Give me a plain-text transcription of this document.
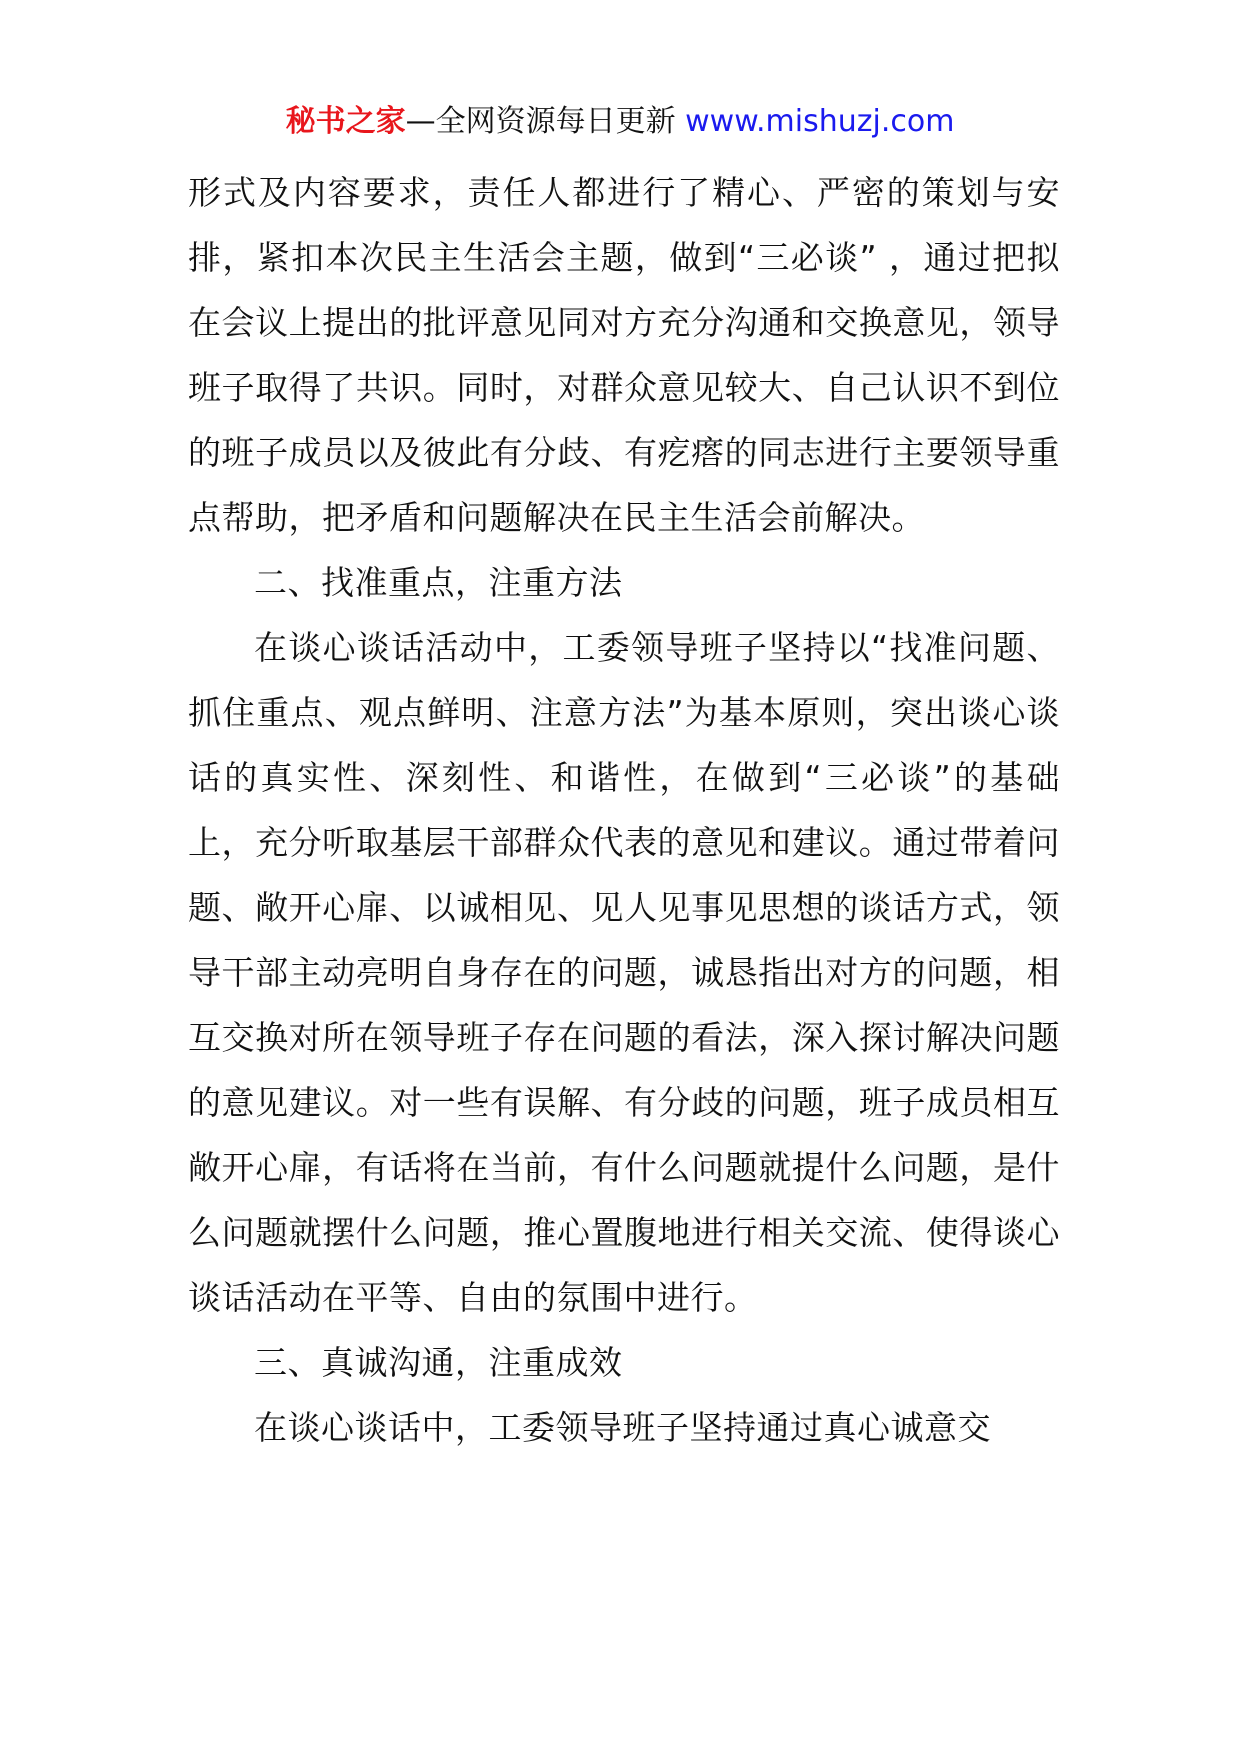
秘书之家—全网资源每日更新 www.mishuzj.com

形式及内容要求，责任人都进行了精心、严密的策划与安排，紧扣本次民主生活会主题，做到“三必谈” ，通过把拟在会议上提出的批评意见同对方充分沟通和交换意见，领导班子取得了共识。同时，对群众意见较大、自己认识不到位的班子成员以及彼此有分歧、有疙瘩的同志进行主要领导重点帮助，把矛盾和问题解决在民主生活会前解决。

二、找准重点，注重方法

在谈心谈话活动中，工委领导班子坚持以“找准问题、抓住重点、观点鲜明、注意方法”为基本原则，突出谈心谈话的真实性、深刻性、和谐性，在做到“三必谈”的基础上，充分听取基层干部群众代表的意见和建议。通过带着问题、敞开心扉、以诚相见、见人见事见思想的谈话方式，领导干部主动亮明自身存在的问题，诚恳指出对方的问题，相互交换对所在领导班子存在问题的看法，深入探讨解决问题的意见建议。对一些有误解、有分歧的问题，班子成员相互敞开心扉，有话将在当前，有什么问题就提什么问题，是什么问题就摆什么问题，推心置腹地进行相关交流、使得谈心谈话活动在平等、自由的氛围中进行。

三、真诚沟通，注重成效

在谈心谈话中，工委领导班子坚持通过真心诚意交
